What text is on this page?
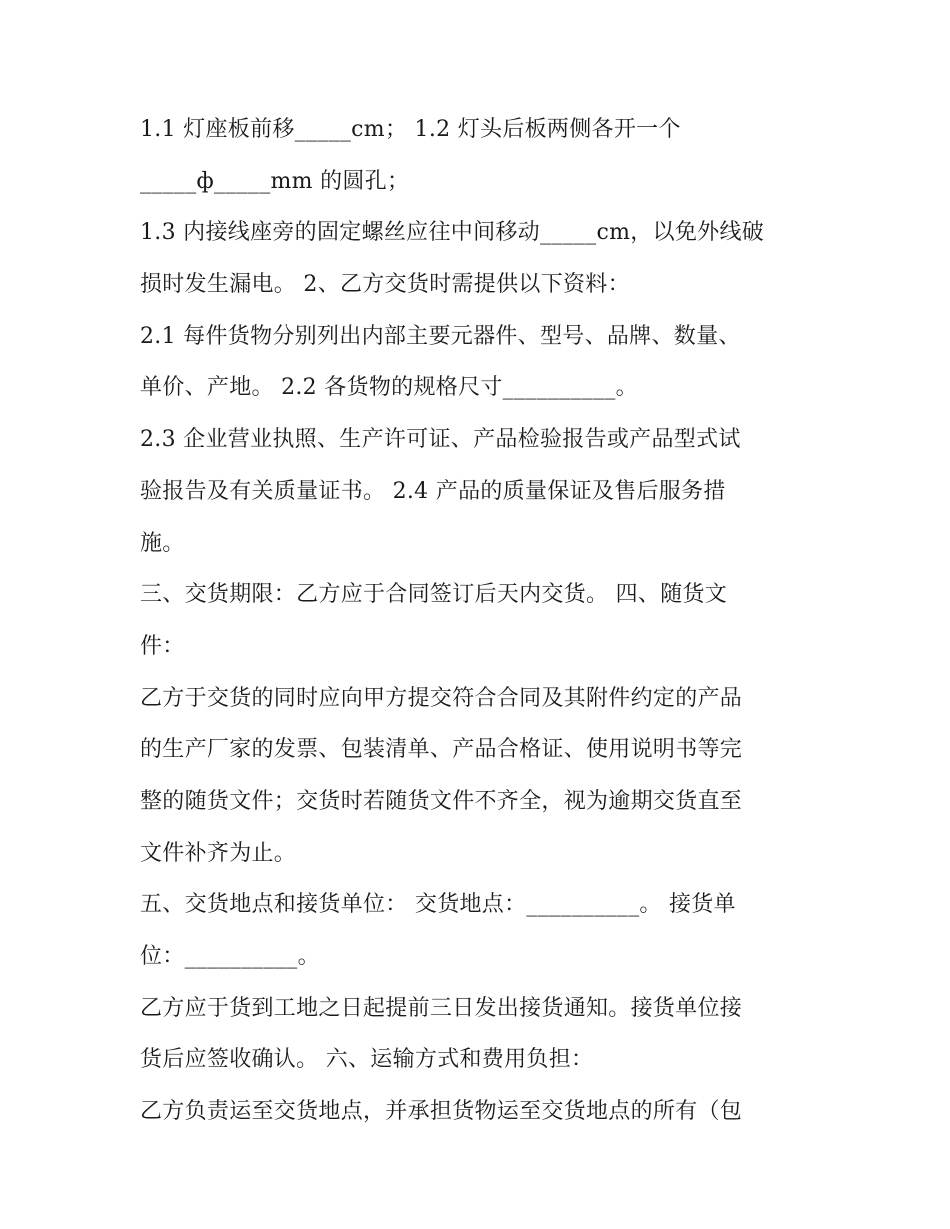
1.1 灯座板前移_____cm； 1.2 灯头后板两侧各开一个
_____ф_____mm 的圆孔；
1.3 内接线座旁的固定螺丝应往中间移动_____cm，以免外线破
损时发生漏电。 2、乙方交货时需提供以下资料：
2.1 每件货物分别列出内部主要元器件、型号、品牌、数量、
单价、产地。 2.2 各货物的规格尺寸__________。
2.3 企业营业执照、生产许可证、产品检验报告或产品型式试
验报告及有关质量证书。 2.4 产品的质量保证及售后服务措
施。
三、交货期限：乙方应于合同签订后天内交货。 四、随货文
件：
乙方于交货的同时应向甲方提交符合合同及其附件约定的产品
的生产厂家的发票、包装清单、产品合格证、使用说明书等完
整的随货文件；交货时若随货文件不齐全，视为逾期交货直至
文件补齐为止。
五、交货地点和接货单位： 交货地点：__________。 接货单
位：__________。
乙方应于货到工地之日起提前三日发出接货通知。接货单位接
货后应签收确认。 六、运输方式和费用负担：
乙方负责运至交货地点，并承担货物运至交货地点的所有（包
